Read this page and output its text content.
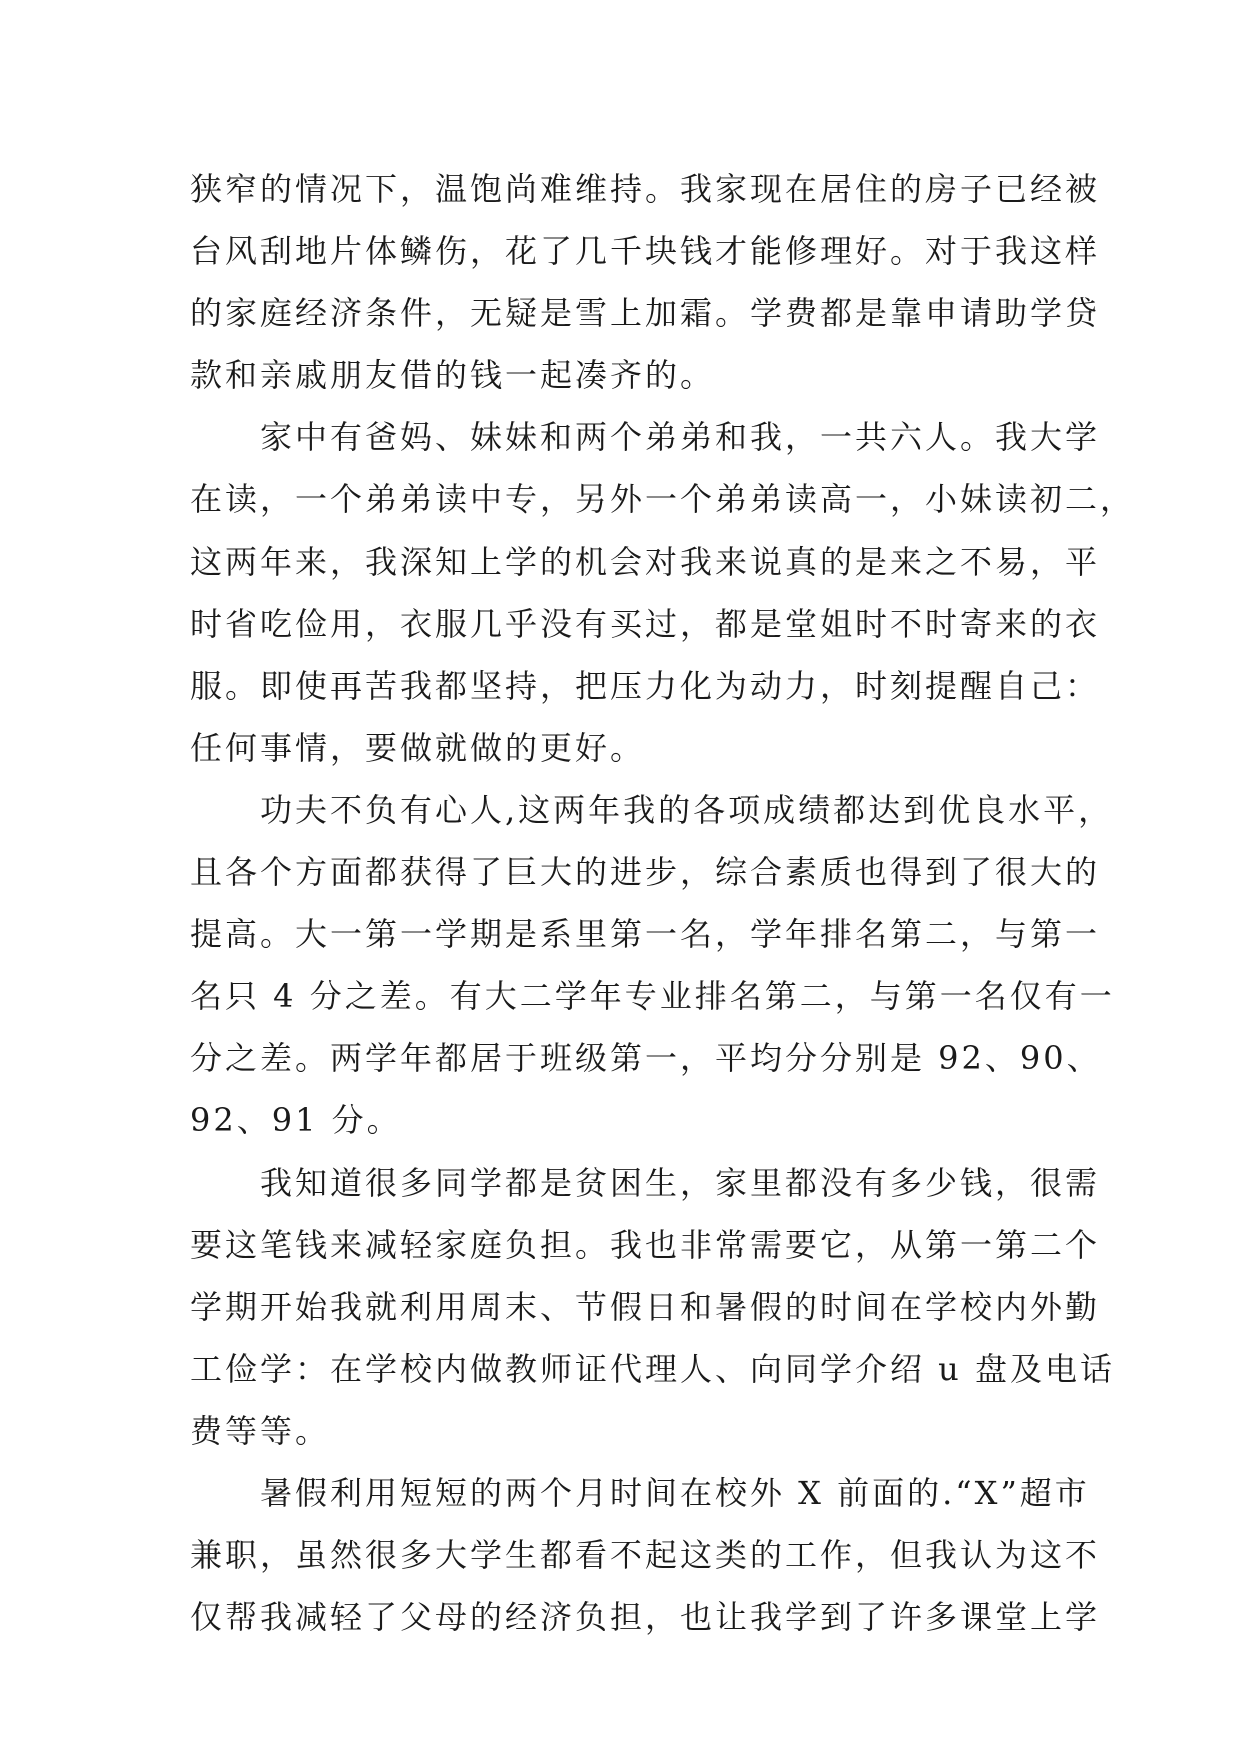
狭窄的情况下，温饱尚难维持。我家现在居住的房子已经被
台风刮地片体鳞伤，花了几千块钱才能修理好。对于我这样
的家庭经济条件，无疑是雪上加霜。学费都是靠申请助学贷
款和亲戚朋友借的钱一起凑齐的。
家中有爸妈、妹妹和两个弟弟和我，一共六人。我大学
在读，一个弟弟读中专，另外一个弟弟读高一，小妹读初二，
这两年来，我深知上学的机会对我来说真的是来之不易，平
时省吃俭用，衣服几乎没有买过，都是堂姐时不时寄来的衣
服。即使再苦我都坚持，把压力化为动力，时刻提醒自己：
任何事情，要做就做的更好。
功夫不负有心人,这两年我的各项成绩都达到优良水平，
且各个方面都获得了巨大的进步，综合素质也得到了很大的
提高。大一第一学期是系里第一名，学年排名第二，与第一
名只 4 分之差。有大二学年专业排名第二，与第一名仅有一
分之差。两学年都居于班级第一，平均分分别是 92、90、
92、91 分。
我知道很多同学都是贫困生，家里都没有多少钱，很需
要这笔钱来减轻家庭负担。我也非常需要它，从第一第二个
学期开始我就利用周末、节假日和暑假的时间在学校内外勤
工俭学：在学校内做教师证代理人、向同学介绍 u 盘及电话
费等等。
暑假利用短短的两个月时间在校外 X 前面的.“X”超市
兼职，虽然很多大学生都看不起这类的工作，但我认为这不
仅帮我减轻了父母的经济负担，也让我学到了许多课堂上学
